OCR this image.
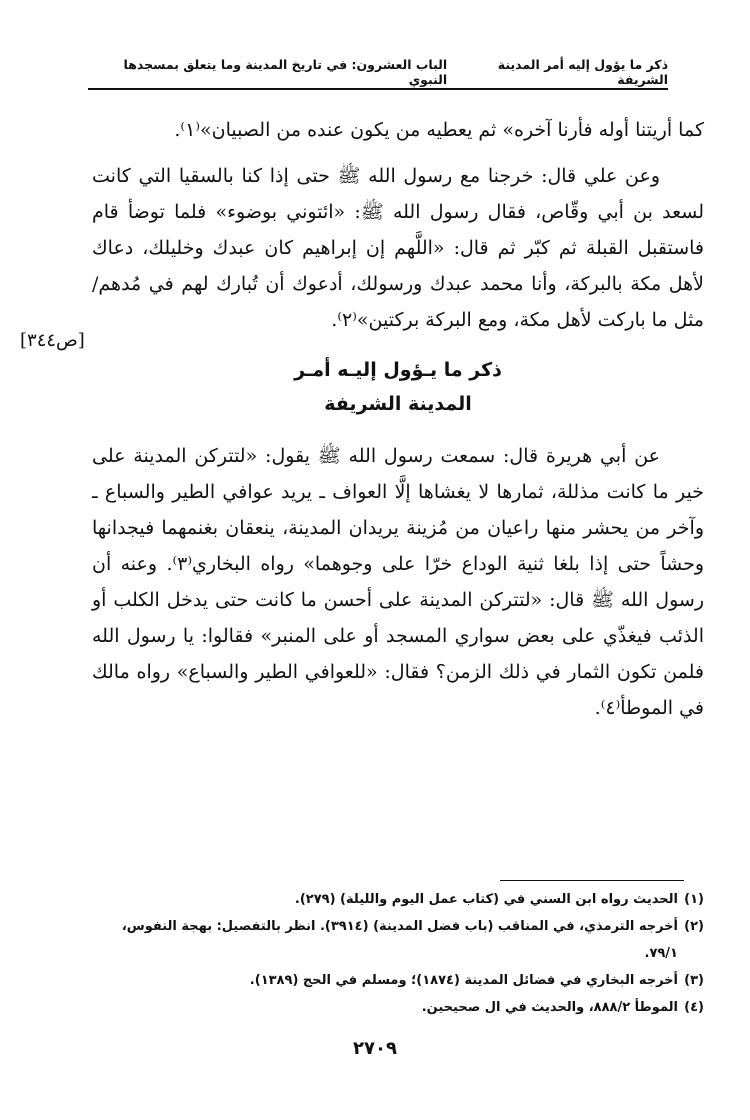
ذكر ما يؤول إليه أمر المدينة الشريفة
الباب العشرون: في تاريخ المدينة وما يتعلق بمسجدها النبوي
[ص٣٤٤]

كما أريتنا أوله فأرنا آخره» ثم يعطيه من يكون عنده من الصبيان»⁽١⁾.

وعن علي قال: خرجنا مع رسول الله ﷺ حتى إذا كنا بالسقيا التي كانت لسعد بن أبي وقّاص، فقال رسول الله ﷺ: «ائتوني بوضوء» فلما توضأ قام فاستقبل القبلة ثم كبّر ثم قال: «اللَّهم إن إبراهيم كان عبدك وخليلك، دعاك لأهل مكة بالبركة، وأنا محمد عبدك ورسولك، أدعوك أن تُبارك لهم في مُدهم/ مثل ما باركت لأهل مكة، ومع البركة بركتين»⁽٢⁾.

ذكر ما يـؤول إليـه أمـر
المدينة الشريفة

عن أبي هريرة قال: سمعت رسول الله ﷺ يقول: «لتتركن المدينة على خير ما كانت مذللة، ثمارها لا يغشاها إلَّا العواف ـ يريد عوافي الطير والسباع ـ وآخر من يحشر منها راعيان من مُزينة يريدان المدينة، ينعقان بغنمهما فيجدانها وحشاً حتى إذا بلغا ثنية الوداع خرّا على وجوهما» رواه البخاري⁽٣⁾. وعنه أن رسول الله ﷺ قال: «لتتركن المدينة على أحسن ما كانت حتى يدخل الكلب أو الذئب فيغذّي على بعض سواري المسجد أو على المنبر» فقالوا: يا رسول الله فلمن تكون الثمار في ذلك الزمن؟ فقال: «للعوافي الطير والسباع» رواه مالك في الموطأ⁽٤⁾.

(١)
الحديث رواه ابن السني في (كتاب عمل اليوم والليلة) (٢٧٩).
(٢)
أخرجه الترمذي، في المناقب (باب فضل المدينة) (٣٩١٤). انظر بالتفصيل: بهجة النفوس، ٧٩/١.
(٣)
أخرجه البخاري في فضائل المدينة (١٨٧٤)؛ ومسلم في الحج (١٣٨٩).
(٤)
الموطأ ٨٨٨/٢، والحديث في ال صحيحين.
٢٧٠٩
